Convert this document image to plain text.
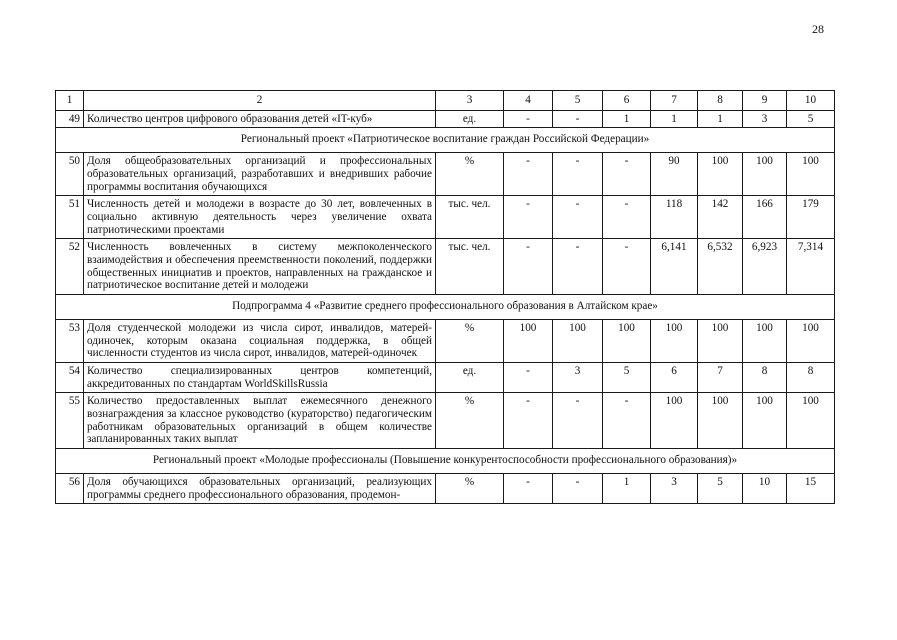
28
1	2	3	4	5	6	7	8	9	10
49	Количество центров цифрового образования детей «IT-куб»	ед.	-	-	1	1	1	3	5
Региональный проект «Патриотическое воспитание граждан Российской Федерации»									
50	Доля общеобразовательных организаций и профессиональных образовательных организаций, разработавших и внедривших рабочие программы воспитания обучающихся	%	-	-	-	90	100	100	100
51	Численность детей и молодежи в возрасте до 30 лет, вовлеченных в социально активную деятельность через увеличение охвата патриотическими проектами	тыс. чел.	-	-	-	118	142	166	179
52	Численность вовлеченных в систему межпоколенческого взаимодействия и обеспечения преемственности поколений, поддержки общественных инициатив и проектов, направленных на гражданское и патриотическое воспитание детей и молодежи	тыс. чел.	-	-	-	6,141	6,532	6,923	7,314
Подпрограмма 4 «Развитие среднего профессионального образования в Алтайском крае»									
53	Доля студенческой молодежи из числа сирот, инвалидов, матерей-одиночек, которым оказана социальная поддержка, в общей численности студентов из числа сирот, инвалидов, матерей-одиночек	%	100	100	100	100	100	100	100
54	Количество специализированных центров компетенций, аккредитованных по стандартам WorldSkillsRussia	ед.	-	3	5	6	7	8	8
55	Количество предоставленных выплат ежемесячного денежного вознаграждения за классное руководство (кураторство) педагогическим работникам образовательных организаций в общем количестве запланированных таких выплат	%	-	-	-	100	100	100	100
Региональный проект «Молодые профессионалы (Повышение конкурентоспособности профессионального образования)»									
56	Доля обучающихся образовательных организаций, реализующих программы среднего профессионального образования, продемон-	%	-	-	1	3	5	10	15
